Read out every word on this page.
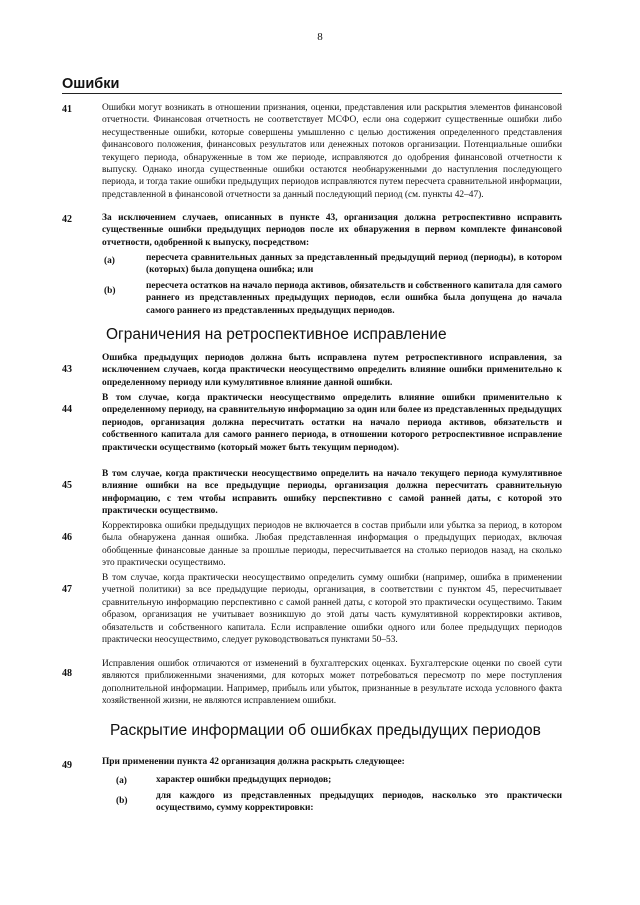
8
Ошибки
41	Ошибки могут возникать в отношении признания, оценки, представления или раскрытия элементов финансовой отчетности. Финансовая отчетность не соответствует МСФО, если она содержит существенные ошибки либо несущественные ошибки, которые совершены умышленно с целью достижения определенного представления финансового положения, финансовых результатов или денежных потоков организации. Потенциальные ошибки текущего периода, обнаруженные в том же периоде, исправляются до одобрения финансовой отчетности к выпуску. Однако иногда существенные ошибки остаются необнаруженными до наступления последующего периода, и тогда такие ошибки предыдущих периодов исправляются путем пересчета сравнительной информации, представленной в финансовой отчетности за данный последующий период (см. пункты 42–47).
42	За исключением случаев, описанных в пункте 43, организация должна ретроспективно исправить существенные ошибки предыдущих периодов после их обнаружения в первом комплекте финансовой отчетности, одобренной к выпуску, посредством:
(a)	пересчета сравнительных данных за представленный предыдущий период (периоды), в котором (которых) была допущена ошибка; или
(b)	пересчета остатков на начало периода активов, обязательств и собственного капитала для самого раннего из представленных предыдущих периодов, если ошибка была допущена до начала самого раннего из представленных предыдущих периодов.
Ограничения на ретроспективное исправление
43
Ошибка предыдущих периодов должна быть исправлена путем ретроспективного исправления, за исключением случаев, когда практически неосуществимо определить влияние ошибки применительно к определенному периоду или кумулятивное влияние данной ошибки.
44
В том случае, когда практически неосуществимо определить влияние ошибки применительно к определенному периоду, на сравнительную информацию за один или более из представленных предыдущих периодов, организация должна пересчитать остатки на начало периода активов, обязательств и собственного капитала для самого раннего периода, в отношении которого ретроспективное исправление практически осуществимо (который может быть текущим периодом).
45
В том случае, когда практически неосуществимо определить на начало текущего периода кумулятивное влияние ошибки на все предыдущие периоды, организация должна пересчитать сравнительную информацию, с тем чтобы исправить ошибку перспективно с самой ранней даты, с которой это практически осуществимо.
46
Корректировка ошибки предыдущих периодов не включается в состав прибыли или убытка за период, в котором была обнаружена данная ошибка. Любая представленная информация о предыдущих периодах, включая обобщенные финансовые данные за прошлые периоды, пересчитывается на столько периодов назад, на сколько это практически осуществимо.
47
В том случае, когда практически неосуществимо определить сумму ошибки (например, ошибка в применении учетной политики) за все предыдущие периоды, организация, в соответствии с пунктом 45, пересчитывает сравнительную информацию перспективно с самой ранней даты, с которой это практически осуществимо. Таким образом, организация не учитывает возникшую до этой даты часть кумулятивной корректировки активов, обязательств и собственного капитала. Если исправление ошибки одного или более предыдущих периодов практически неосуществимо, следует руководствоваться пунктами 50–53.
48
Исправления ошибок отличаются от изменений в бухгалтерских оценках. Бухгалтерские оценки по своей сути являются приближенными значениями, для которых может потребоваться пересмотр по мере поступления дополнительной информации. Например, прибыль или убыток, признанные в результате исхода условного факта хозяйственной жизни, не являются исправлением ошибки.
Раскрытие информации об ошибках предыдущих периодов
49	При применении пункта 42 организация должна раскрыть следующее:
(a)	характер ошибки предыдущих периодов;
(b)	для каждого из представленных предыдущих периодов, насколько это практически осуществимо, сумму корректировки:
